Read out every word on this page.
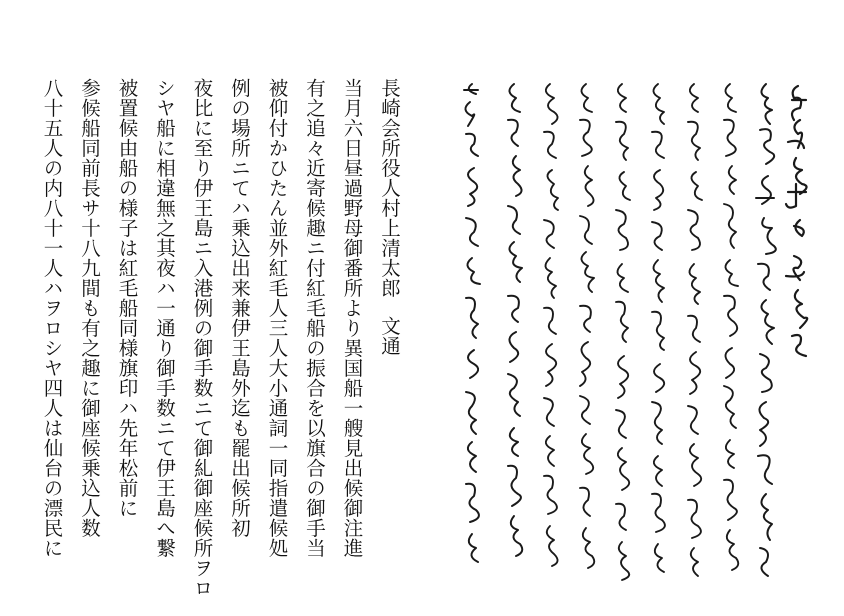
長崎会所役人村上清太郎文通
当月六日昼過野母御番所より異国船一艘見出候御注進
有之追々近寄候趣ニ付紅毛船の振合を以旗合の御手当
被仰付かひたん並外紅毛人三人大小通詞一同指遣候処
例の場所ニてハ乗込出来兼伊王島外迄も罷出候所初
夜比に至り伊王島ニ入港例の御手数ニて御糺御座候所ヲロ
シヤ船に相違無之其夜ハ一通り御手数ニて伊王島へ繋
被置候由船の様子は紅毛船同様旗印ハ先年松前に
参候船同前長サ十八九間も有之趣に御座候乗込人数
八十五人の内八十一人ハヲロシヤ四人は仙台の漂民に
